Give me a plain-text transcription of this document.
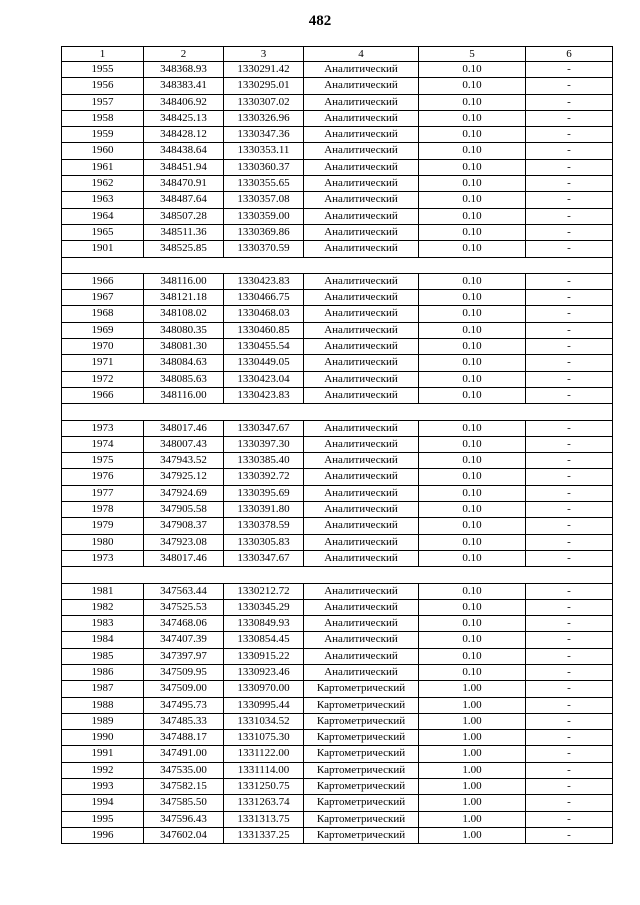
482
1	2	3	4	5	6
1955	348368.93	1330291.42	Аналитический	0.10	-
1956	348383.41	1330295.01	Аналитический	0.10	-
1957	348406.92	1330307.02	Аналитический	0.10	-
1958	348425.13	1330326.96	Аналитический	0.10	-
1959	348428.12	1330347.36	Аналитический	0.10	-
1960	348438.64	1330353.11	Аналитический	0.10	-
1961	348451.94	1330360.37	Аналитический	0.10	-
1962	348470.91	1330355.65	Аналитический	0.10	-
1963	348487.64	1330357.08	Аналитический	0.10	-
1964	348507.28	1330359.00	Аналитический	0.10	-
1965	348511.36	1330369.86	Аналитический	0.10	-
1901	348525.85	1330370.59	Аналитический	0.10	-

1966	348116.00	1330423.83	Аналитический	0.10	-
1967	348121.18	1330466.75	Аналитический	0.10	-
1968	348108.02	1330468.03	Аналитический	0.10	-
1969	348080.35	1330460.85	Аналитический	0.10	-
1970	348081.30	1330455.54	Аналитический	0.10	-
1971	348084.63	1330449.05	Аналитический	0.10	-
1972	348085.63	1330423.04	Аналитический	0.10	-
1966	348116.00	1330423.83	Аналитический	0.10	-

1973	348017.46	1330347.67	Аналитический	0.10	-
1974	348007.43	1330397.30	Аналитический	0.10	-
1975	347943.52	1330385.40	Аналитический	0.10	-
1976	347925.12	1330392.72	Аналитический	0.10	-
1977	347924.69	1330395.69	Аналитический	0.10	-
1978	347905.58	1330391.80	Аналитический	0.10	-
1979	347908.37	1330378.59	Аналитический	0.10	-
1980	347923.08	1330305.83	Аналитический	0.10	-
1973	348017.46	1330347.67	Аналитический	0.10	-

1981	347563.44	1330212.72	Аналитический	0.10	-
1982	347525.53	1330345.29	Аналитический	0.10	-
1983	347468.06	1330849.93	Аналитический	0.10	-
1984	347407.39	1330854.45	Аналитический	0.10	-
1985	347397.97	1330915.22	Аналитический	0.10	-
1986	347509.95	1330923.46	Аналитический	0.10	-
1987	347509.00	1330970.00	Картометрический	1.00	-
1988	347495.73	1330995.44	Картометрический	1.00	-
1989	347485.33	1331034.52	Картометрический	1.00	-
1990	347488.17	1331075.30	Картометрический	1.00	-
1991	347491.00	1331122.00	Картометрический	1.00	-
1992	347535.00	1331114.00	Картометрический	1.00	-
1993	347582.15	1331250.75	Картометрический	1.00	-
1994	347585.50	1331263.74	Картометрический	1.00	-
1995	347596.43	1331313.75	Картометрический	1.00	-
1996	347602.04	1331337.25	Картометрический	1.00	-
